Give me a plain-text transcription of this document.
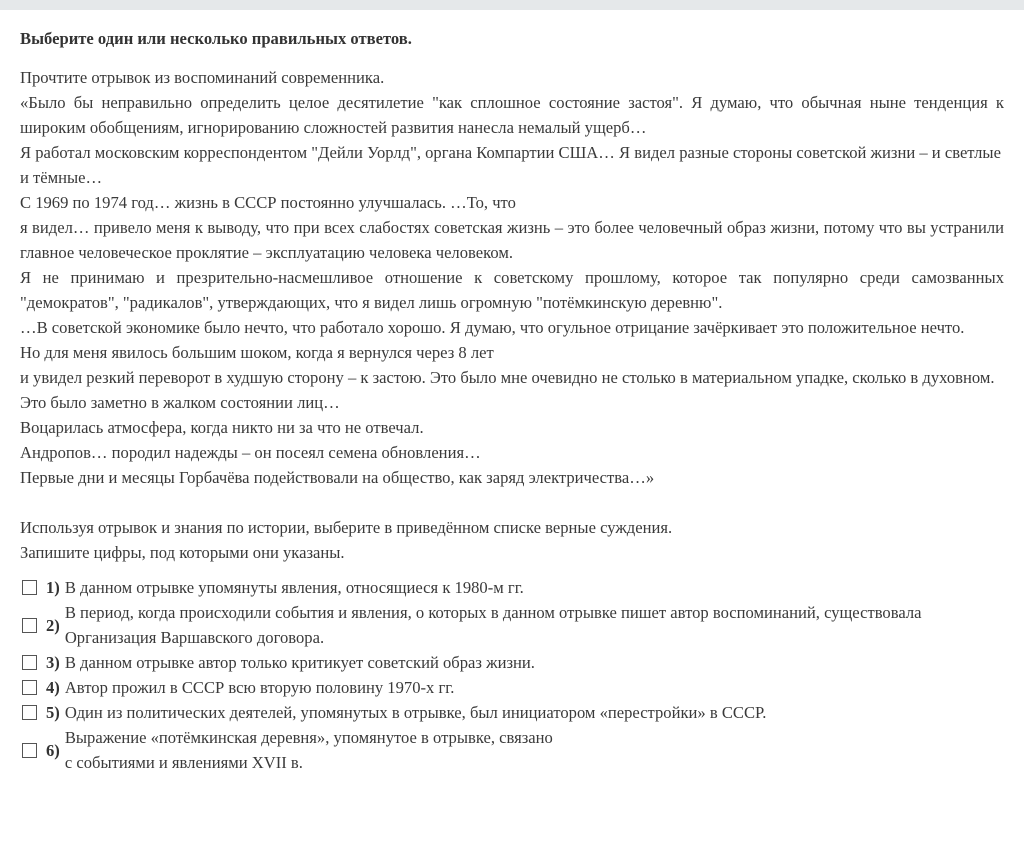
Выберите один или несколько правильных ответов.

Прочтите отрывок из воспоминаний современника.

«Было бы неправильно определить целое десятилетие "как сплошное состояние застоя". Я думаю, что обычная ныне тенденция к широким обобщениям, игнорированию сложностей развития нанесла немалый ущерб…

Я работал московским корреспондентом "Дейли Уорлд", органа Компартии США… Я видел разные стороны советской жизни – и светлые

и тёмные…

С 1969 по 1974 год… жизнь в СССР постоянно улучшалась. …То, что

я видел… привело меня к выводу, что при всех слабостях советская жизнь – это более человечный образ жизни, потому что вы устранили главное человеческое проклятие – эксплуатацию человека человеком.

Я не принимаю и презрительно-насмешливое отношение к советскому прошлому, которое так популярно среди самозванных "демократов", "радикалов", утверждающих, что я видел лишь огромную "потёмкинскую деревню".

…В советской экономике было нечто, что работало хорошо. Я думаю, что огульное отрицание зачёркивает это положительное нечто.

Но для меня явилось большим шоком, когда я вернулся через 8 лет

и увидел резкий переворот в худшую сторону – к застою. Это было мне очевидно не столько в материальном упадке, сколько в духовном. Это было заметно в жалком состоянии лиц…

Воцарилась атмосфера, когда никто ни за что не отвечал.

Андропов… породил надежды – он посеял семена обновления…

Первые дни и месяцы Горбачёва подействовали на общество, как заряд электричества…»

Используя отрывок и знания по истории, выберите в приведённом списке верные суждения.

Запишите цифры, под которыми они указаны.

1) В данном отрывке упомянуты явления, относящиеся к 1980-м гг.
2)
В период, когда происходили события и явления, о которых в данном отрывке пишет автор воспоминаний, существовала
Организация Варшавского договора.
3) В данном отрывке автор только критикует советский образ жизни.
4) Автор прожил в СССР всю вторую половину 1970-х гг.
5) Один из политических деятелей, упомянутых в отрывке, был инициатором «перестройки» в СССР.
6)
Выражение «потёмкинская деревня», упомянутое в отрывке, связано
с событиями и явлениями XVII в.
